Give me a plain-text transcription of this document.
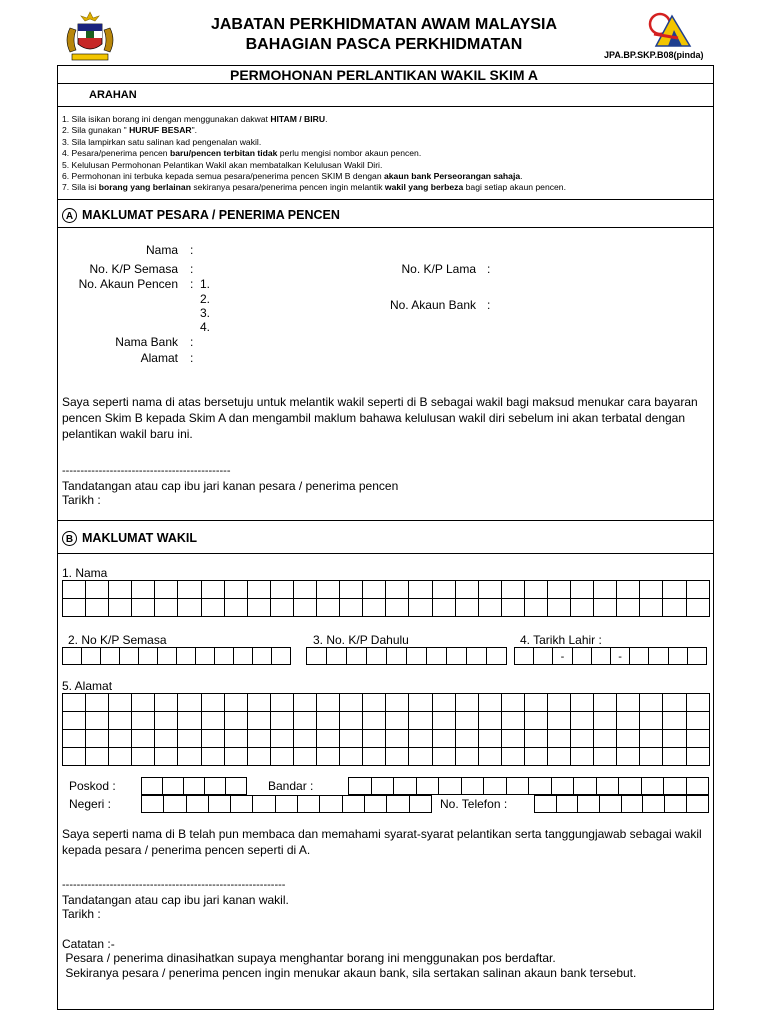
JABATAN PERKHIDMATAN AWAM MALAYSIA
BAHAGIAN PASCA PERKHIDMATAN
JPA.BP.SKP.B08(pinda)
PERMOHONAN PERLANTIKAN WAKIL SKIM A
ARAHAN
1. Sila isikan borang ini dengan menggunakan dakwat HITAM / BIRU.
2. Sila gunakan " HURUF BESAR".
3. Sila lampirkan satu salinan kad pengenalan wakil.
4. Pesara/penerima pencen baru/pencen terbitan tidak perlu mengisi nombor akaun pencen.
5. Kelulusan Permohonan Pelantikan Wakil akan membatalkan Kelulusan Wakil Diri.
6. Permohonan ini terbuka kepada semua pesara/penerima pencen SKIM B dengan akaun bank Perseorangan sahaja.
7. Sila isi borang yang berlainan sekiranya pesara/penerima pencen ingin melantik wakil yang berbeza bagi setiap akaun pencen.
A MAKLUMAT PESARA / PENERIMA PENCEN
Nama :
No. K/P Semasa :	No. K/P Lama :
No. Akaun Pencen : 1.
2.
3.
4.
No. Akaun Bank :
Nama Bank :
Alamat :
Saya seperti nama di atas bersetuju untuk melantik wakil seperti di B sebagai wakil bagi maksud menukar cara bayaran pencen Skim B kepada Skim A dan mengambil maklum bahawa kelulusan wakil diri sebelum ini akan terbatal dengan pelantikan wakil baru ini.
----------------------------------------------
Tandatangan atau cap ibu jari kanan pesara / penerima pencen
Tarikh :
B MAKLUMAT WAKIL
1. Nama
2. No K/P Semasa	3. No. K/P Dahulu	4. Tarikh Lahir :
-	-
5. Alamat
Poskod :	Bandar :
Negeri :	No. Telefon :
Saya seperti nama di B telah pun membaca dan memahami syarat-syarat pelantikan serta tanggungjawab sebagai wakil kepada pesara / penerima pencen seperti di A.
-------------------------------------------------------------
Tandatangan atau cap ibu jari kanan wakil.
Tarikh :
Catatan :-
Pesara / penerima dinasihatkan supaya menghantar borang ini menggunakan pos berdaftar.
Sekiranya pesara / penerima pencen ingin menukar akaun bank, sila sertakan salinan akaun bank tersebut.
